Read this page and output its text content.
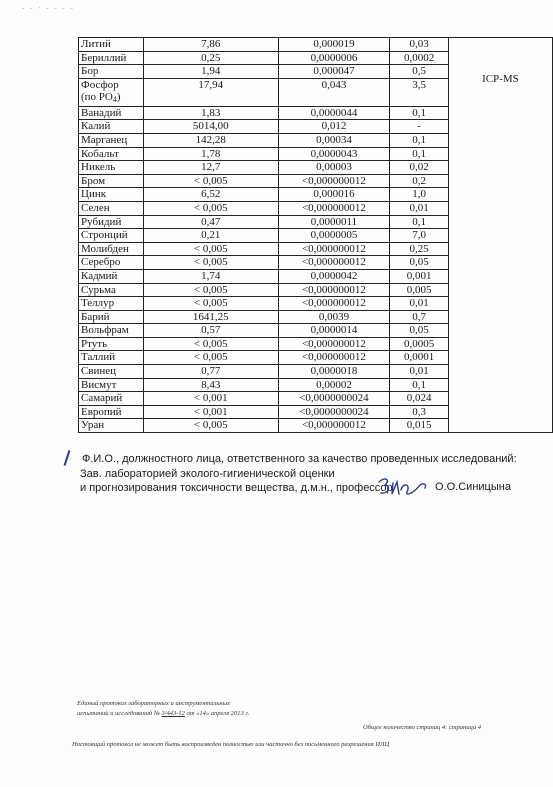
- - · - - - -
Литий	7,86	0,000019	0,03	ICP-MS

Бериллий	0,25	0,0000006	0,0002	
Бор	1,94	0,000047	0,5	
Фосфор
(по $PO_4$)	17,94	0,043	3,5	
Ванадий	1,83	0,0000044	0,1	
Калий	5014,00	0,012	-	
Марганец	142,28	0,00034	0,1	
Кобальт	1,78	0,0000043	0,1	
Никель	12,7	0,00003	0,02	
Бром	< 0,005	<0,000000012	0,2	
Цинк	6,52	0,000016	1,0	
Селен	< 0,005	<0,000000012	0,01	
Рубидий	0,47	0,0000011	0,1	
Стронций	0,21	0,0000005	7,0	
Молибден	< 0,005	<0,000000012	0,25	
Серебро	< 0,005	<0,000000012	0,05	
Кадмий	1,74	0,0000042	0,001	
Сурьма	< 0,005	<0,000000012	0,005	
Теллур	< 0,005	<0,000000012	0,01	
Барий	1641,25	0,0039	0,7	
Вольфрам	0,57	0,0000014	0,05	
Ртуть	< 0,005	<0,000000012	0,0005	
Таллий	< 0,005	<0,000000012	0,0001	
Свинец	0,77	0,0000018	0,01	
Висмут	8,43	0,00002	0,1	
Самарий	< 0,001	<0,0000000024	0,024	
Европий	< 0,001	<0,0000000024	0,3	
Уран	< 0,005	<0,000000012	0,015	
Ф.И.О., должностного лица, ответственного за качество проведенных исследований:
Зав. лабораторией эколого-гигиенической оценки
и прогнозирования токсичности вещества, д.м.н., профессор	О.О.Синицына
Единый протокол лабораторных и инструментальных
испытаний и исследований № 3/443-12 от «14» апреля 2013 г.
Общее количество страниц 4: страница 4
Настоящий протокол не может быть воспроизведен полностью или частично без письменного разрешения ИЛЦ
